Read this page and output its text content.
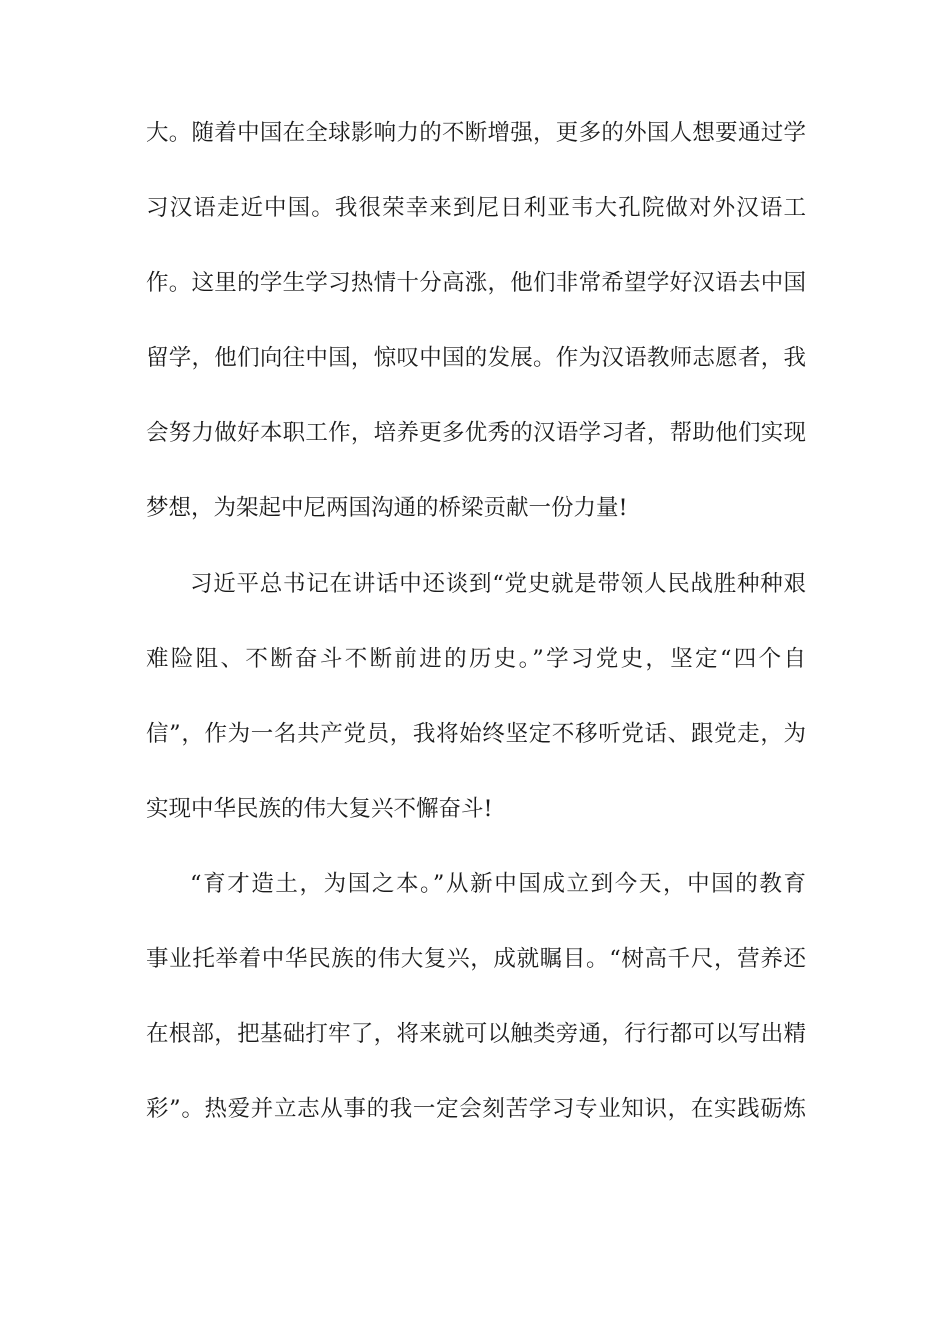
大。随着中国在全球影响力的不断增强，更多的外国人想要通过学
习汉语走近中国。我很荣幸来到尼日利亚韦大孔院做对外汉语工
作。这里的学生学习热情十分高涨，他们非常希望学好汉语去中国
留学，他们向往中国，惊叹中国的发展。作为汉语教师志愿者，我
会努力做好本职工作，培养更多优秀的汉语学习者，帮助他们实现
梦想，为架起中尼两国沟通的桥梁贡献一份力量!
习近平总书记在讲话中还谈到“党史就是带领人民战胜种种艰
难险阻、不断奋斗不断前进的历史。”学习党史，坚定“四个自
信”，作为一名共产党员，我将始终坚定不移听党话、跟党走，为
实现中华民族的伟大复兴不懈奋斗!
“育才造土，为国之本。”从新中国成立到今天，中国的教育
事业托举着中华民族的伟大复兴，成就瞩目。“树高千尺，营养还
在根部，把基础打牢了，将来就可以触类旁通，行行都可以写出精
彩”。热爱并立志从事的我一定会刻苦学习专业知识，在实践砺炼
